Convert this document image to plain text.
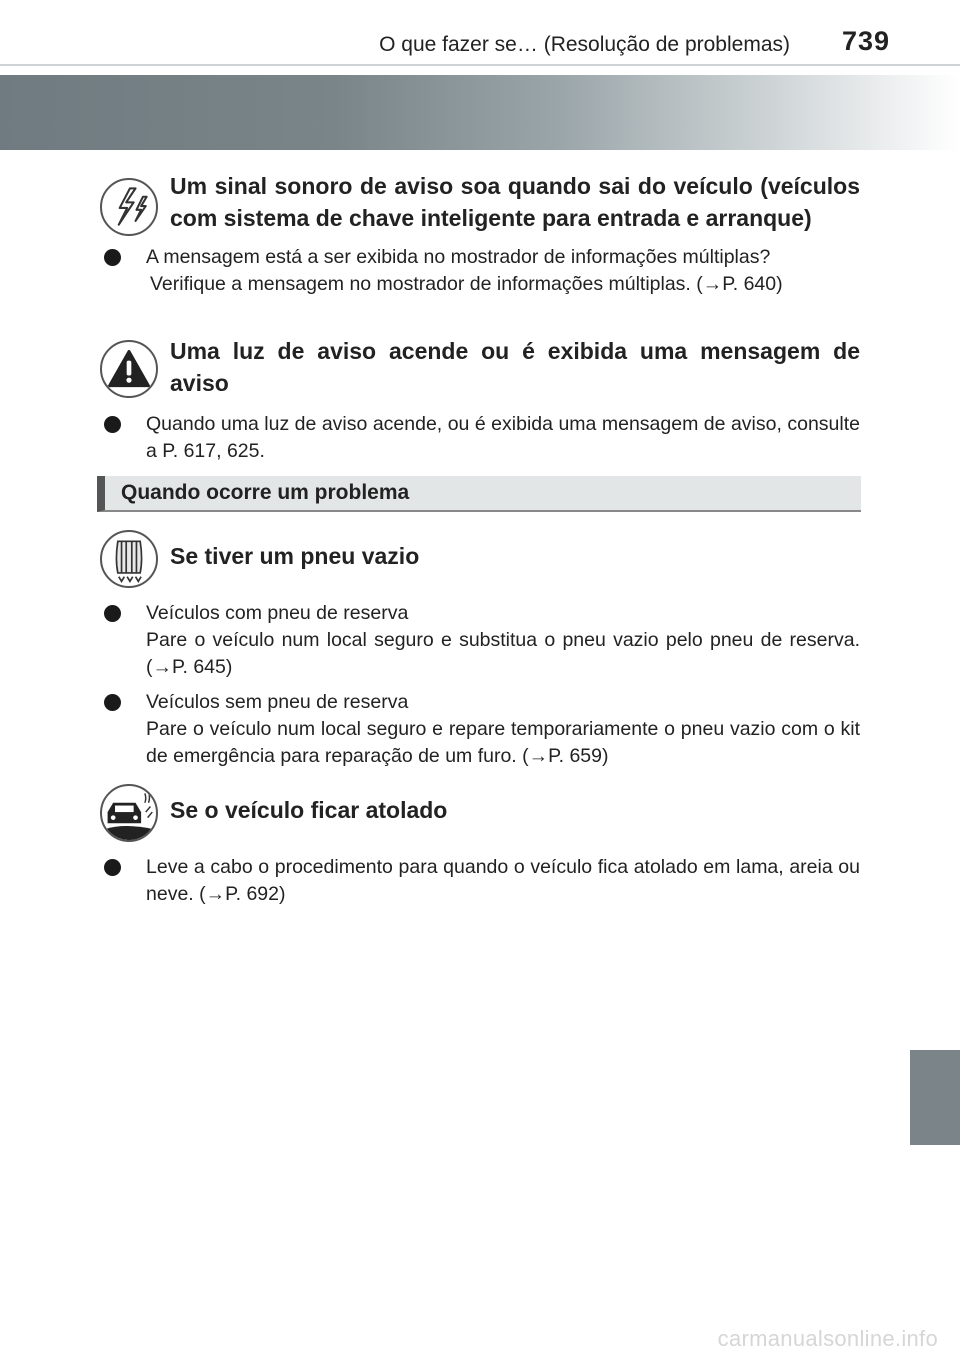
O que fazer se… (Resolução de problemas) 739
Um sinal sonoro de aviso soa quando sai do veículo (veículos com sistema de chave inteligente para entrada e arranque)
A mensagem está a ser exibida no mostrador de informações múltiplas?
Verifique a mensagem no mostrador de informações múltiplas. (→P. 640)
Uma luz de aviso acende ou é exibida uma mensagem de aviso
Quando uma luz de aviso acende, ou é exibida uma mensagem de aviso, consulte a P. 617, 625.
Quando ocorre um problema
Se tiver um pneu vazio
Veículos com pneu de reserva
Pare o veículo num local seguro e substitua o pneu vazio pelo pneu de reserva. (→P. 645)
Veículos sem pneu de reserva
Pare o veículo num local seguro e repare temporariamente o pneu vazio com o kit de emergência para reparação de um furo. (→P. 659)
Se o veículo ficar atolado
Leve a cabo o procedimento para quando o veículo fica atolado em lama, areia ou neve. (→P. 692)
carmanualsonline.info
